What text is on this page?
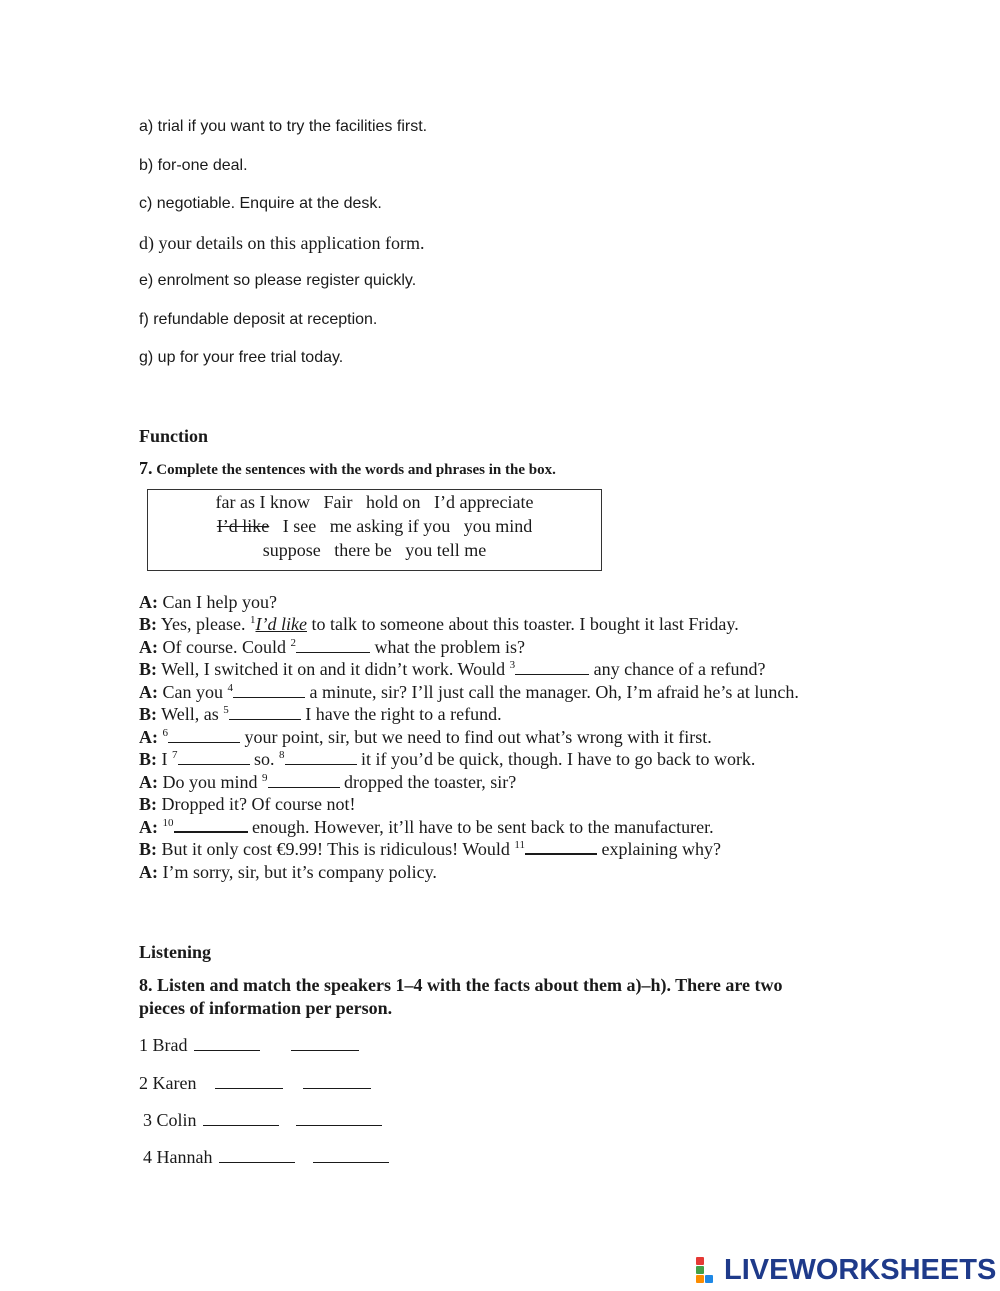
a) trial if you want to try the facilities first.
b) for-one deal.
c) negotiable. Enquire at the desk.
d) your details on this application form.
e) enrolment so please register quickly.
f) refundable deposit at reception.
g) up for your free trial today.
Function
7. Complete the sentences with the words and phrases in the box.
far as I know   Fair   hold on   I’d appreciate
I’d like   I see   me asking if you   you mind
suppose   there be   you tell me
A: Can I help you?
B: Yes, please. $^1$I’d like to talk to someone about this toaster. I bought it last Friday.
A: Of course. Could $^2$	what the problem is?
B: Well, I switched it on and it didn’t work. Would $^3$	any chance of a refund?
A: Can you $^4$	a minute, sir? I’ll just call the manager. Oh, I’m afraid he’s at lunch.
B: Well, as $^5$	I have the right to a refund.
A: $^6$	your point, sir, but we need to find out what’s wrong with it first.
B: I $^7$	so. $^8$	it if you’d be quick, though. I have to go back to work.
A: Do you mind $^9$	dropped the toaster, sir?
B: Dropped it? Of course not!
A: $^{10}$	enough. However, it’ll have to be sent back to the manufacturer.
B: But it only cost €9.99! This is ridiculous! Would $^{11}$	explaining why?
A: I’m sorry, sir, but it’s company policy.
Listening
8. Listen and match the speakers 1–4 with the facts about them a)–h). There are two
pieces of information per person.
1 Brad
2 Karen
3 Colin
4 Hannah
LIVEWORKSHEETS
